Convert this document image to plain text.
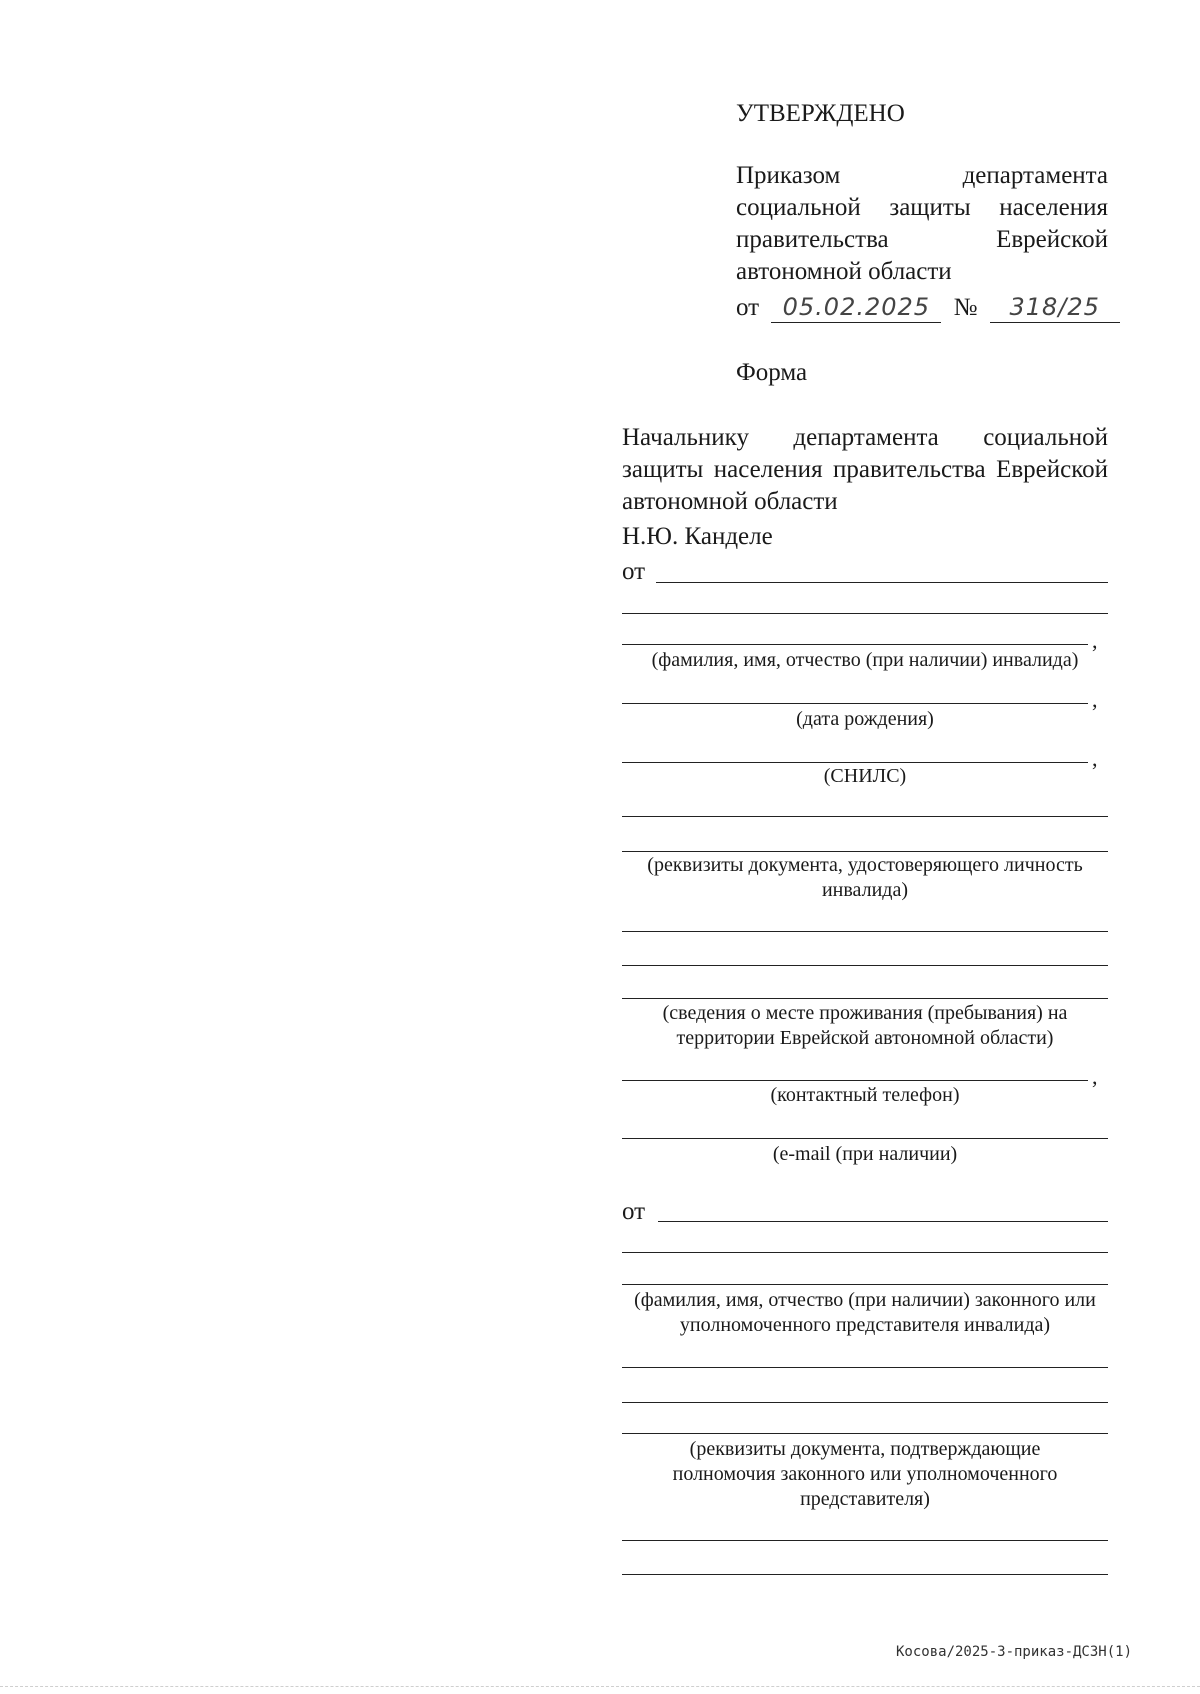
УТВЕРЖДЕНО
Приказом департамента социальной защиты населения правительства Еврейской автономной области
от 05.02.2025 № 318/25
Форма
Начальнику департамента социальной защиты населения правительства Еврейской автономной области
Н.Ю. Канделе
от
,
(фамилия, имя, отчество (при наличии) инвалида)
,
(дата рождения)
,
(СНИЛС)
(реквизиты документа, удостоверяющего личность инвалида)
(сведения о месте проживания (пребывания) на территории Еврейской автономной области)
,
(контактный телефон)
(e-mail (при наличии)
от
(фамилия, имя, отчество (при наличии) законного или уполномоченного представителя инвалида)
(реквизиты документа, подтверждающие полномочия законного или уполномоченного представителя)
Косова/2025-3-приказ-ДСЗН(1)
